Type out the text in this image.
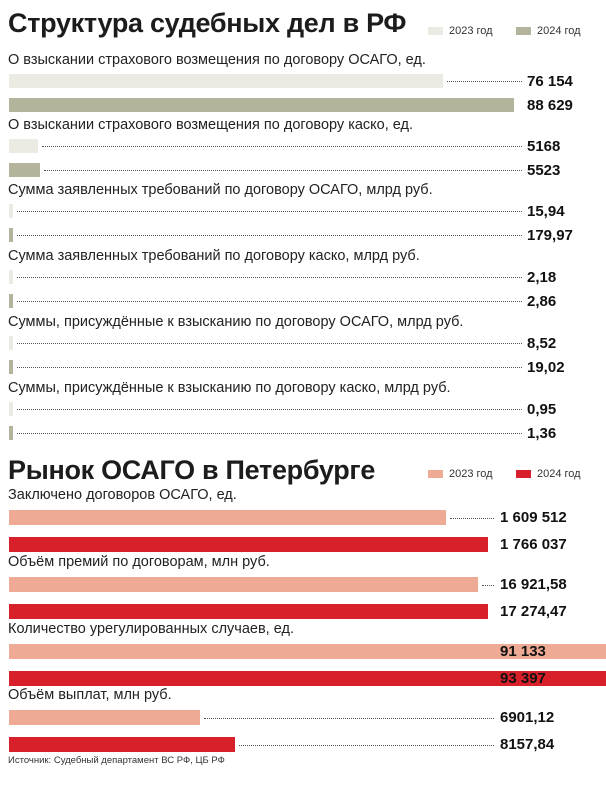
Структура судебных дел в РФ	2023 год	2024 год
О взыскании страхового возмещения по договору ОСАГО, ед.
76 154
88 629
О взыскании страхового возмещения по договору каско, ед.
5168
5523
Сумма заявленных требований по договору ОСАГО, млрд руб.
15,94
179,97
Сумма заявленных требований по договору каско, млрд руб.
2,18
2,86
Суммы, присуждённые к взысканию по договору ОСАГО, млрд руб.
8,52
19,02
Суммы, присуждённые к взысканию по договору каско, млрд руб.
0,95
1,36
Рынок ОСАГО в Петербурге	2023 год	2024 год
Заключено договоров ОСАГО, ед.
1 609 512
1 766 037
Объём премий по договорам, млн руб.
16 921,58
17 274,47
Количество урегулированных случаев, ед.
91 133
93 397
Объём выплат, млн руб.
6901,12
8157,84
Источник: Судебный департамент ВС РФ, ЦБ РФ
